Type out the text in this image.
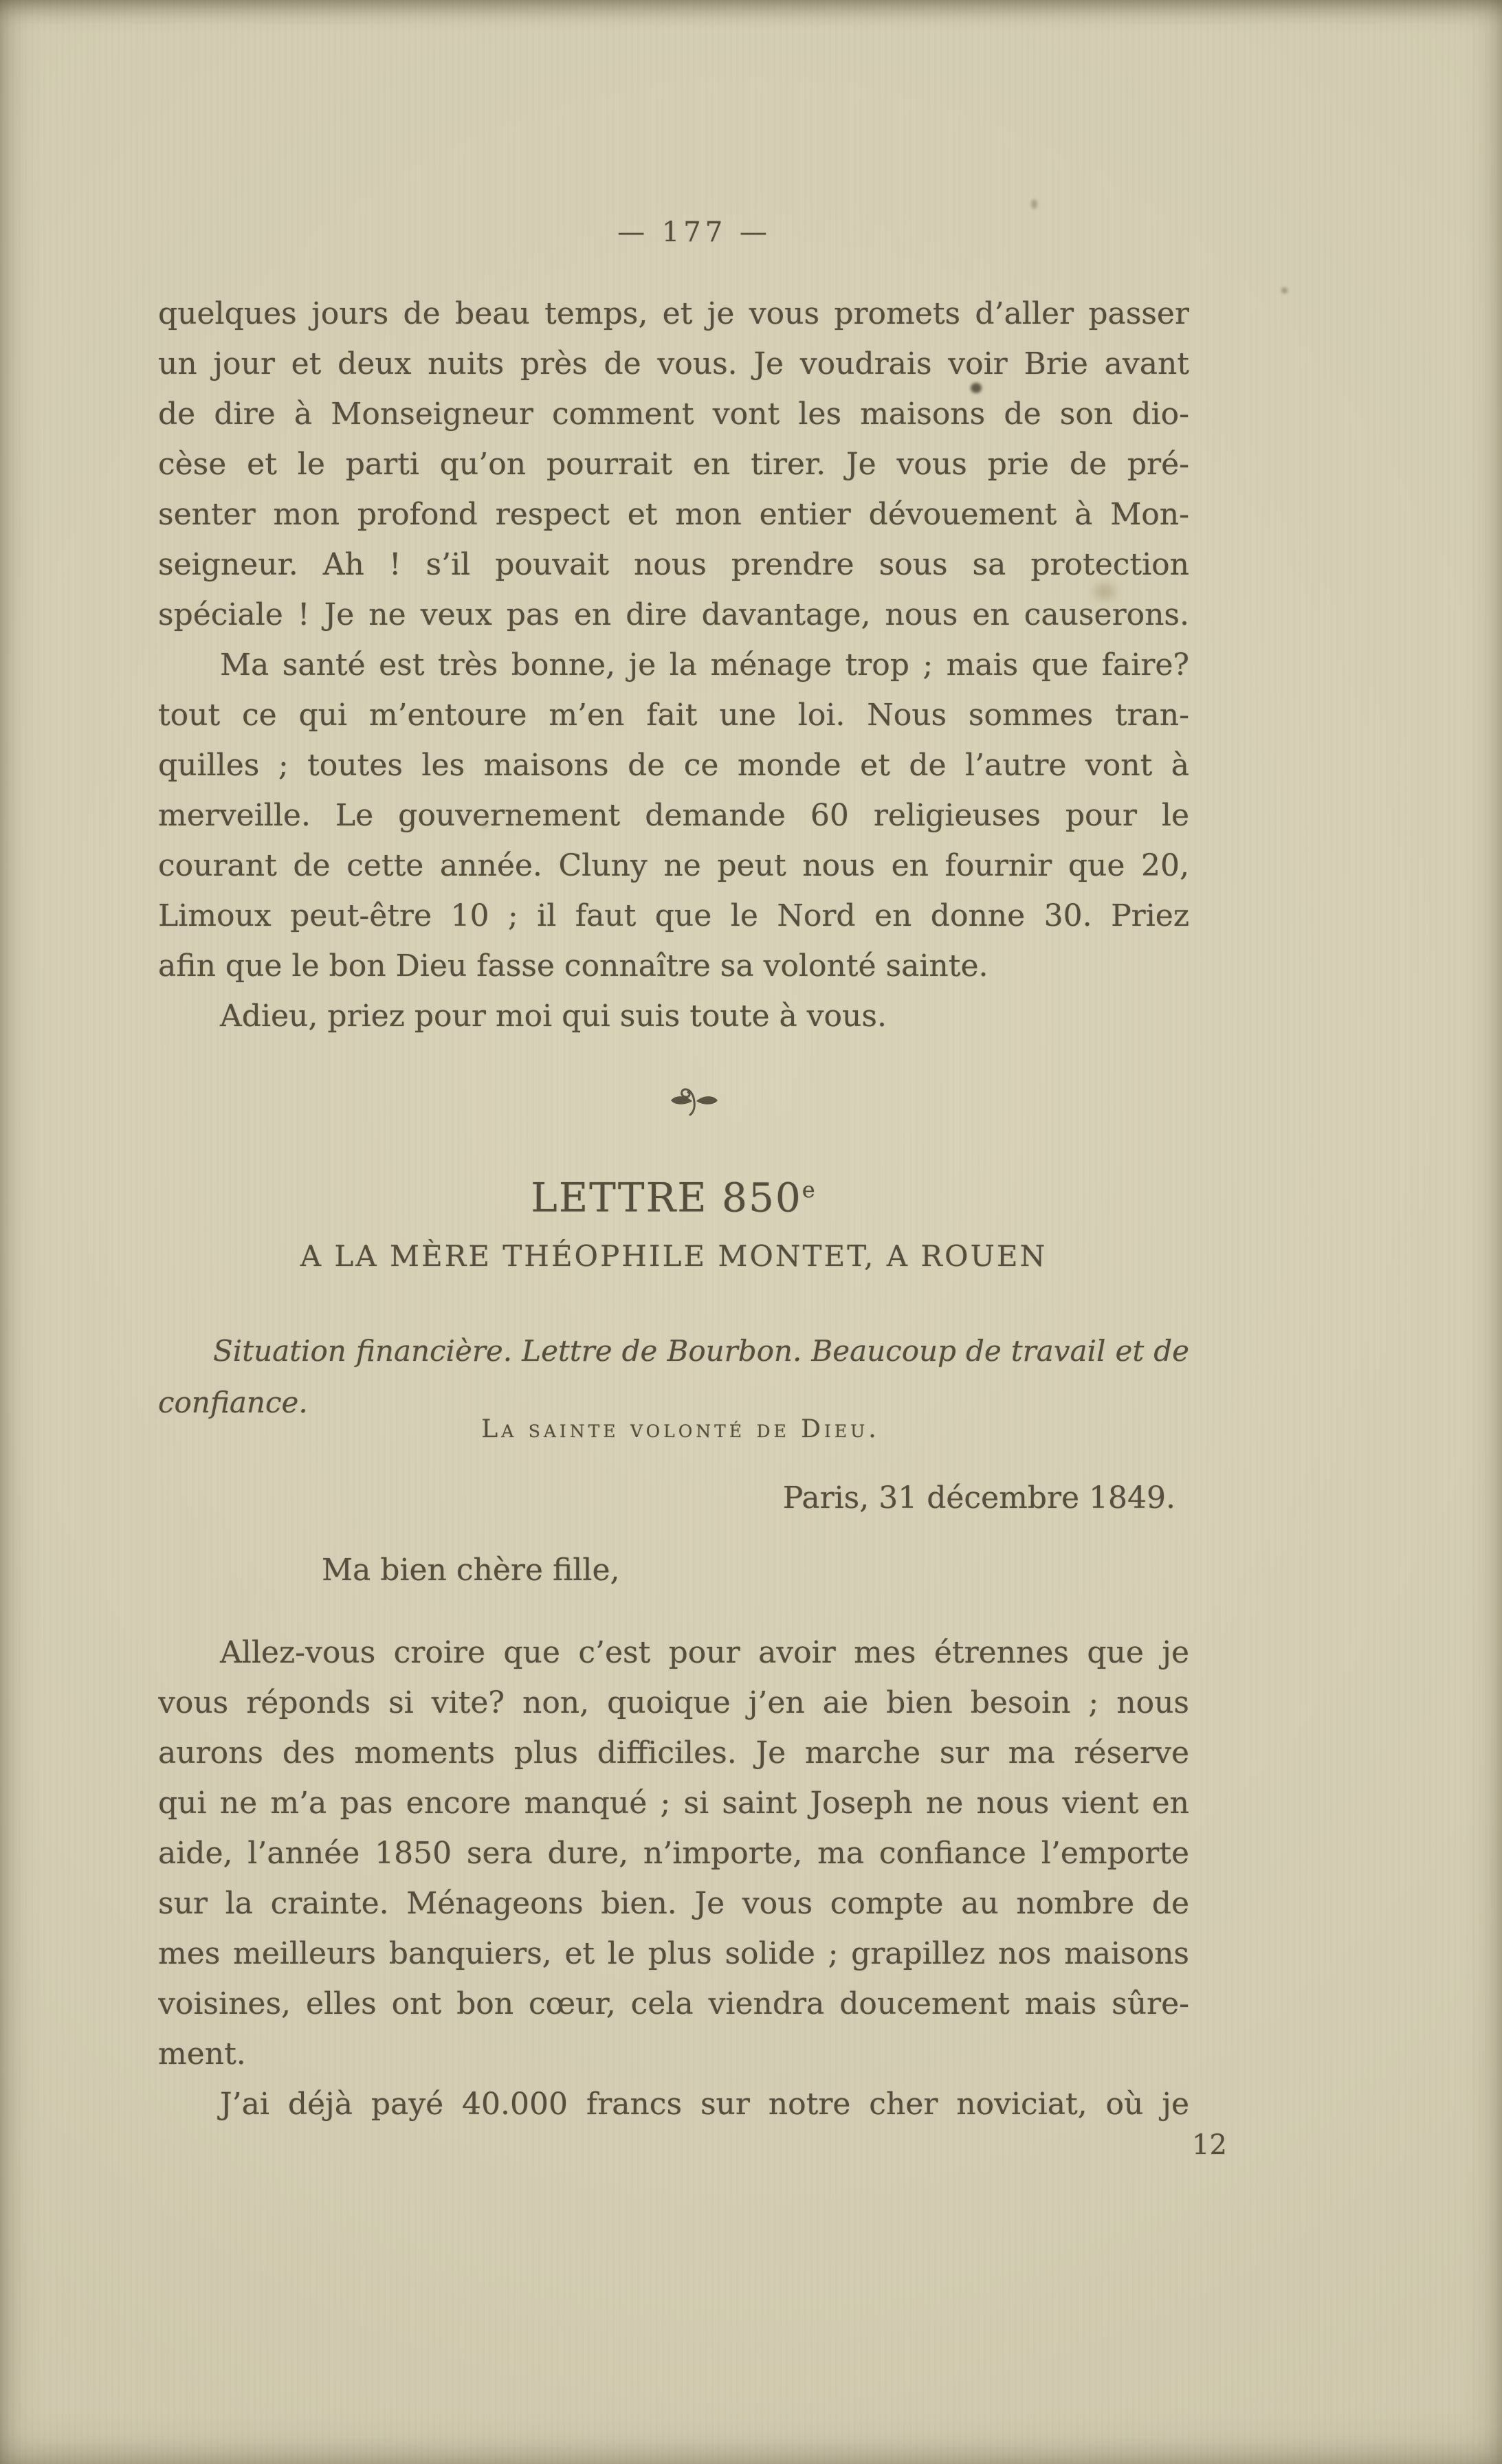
— 177 —
quelques jours de beau temps, et je vous promets d’aller passer
un jour et deux nuits près de vous. Je voudrais voir Brie avant
de dire à Monseigneur comment vont les maisons de son dio-
cèse et le parti qu’on pourrait en tirer. Je vous prie de pré-
senter mon profond respect et mon entier dévouement à Mon-
seigneur. Ah ! s’il pouvait nous prendre sous sa protection
spéciale ! Je ne veux pas en dire davantage, nous en causerons.
Ma santé est très bonne, je la ménage trop ; mais que faire?
tout ce qui m’entoure m’en fait une loi. Nous sommes tran-
quilles ; toutes les maisons de ce monde et de l’autre vont à
merveille. Le gouvernement demande 60 religieuses pour le
courant de cette année. Cluny ne peut nous en fournir que 20,
Limoux peut-être 10 ; il faut que le Nord en donne 30. Priez
afin que le bon Dieu fasse connaître sa volonté sainte.
Adieu, priez pour moi qui suis toute à vous.
LETTRE 850e
A LA MÈRE THÉOPHILE MONTET, A ROUEN
Situation financière. Lettre de Bourbon. Beaucoup de travail et de
confiance.
La sainte volonté de Dieu.
Paris, 31 décembre 1849.
Ma bien chère fille,
Allez-vous croire que c’est pour avoir mes étrennes que je
vous réponds si vite? non, quoique j’en aie bien besoin ; nous
aurons des moments plus difficiles. Je marche sur ma réserve
qui ne m’a pas encore manqué ; si saint Joseph ne nous vient en
aide, l’année 1850 sera dure, n’importe, ma confiance l’emporte
sur la crainte. Ménageons bien. Je vous compte au nombre de
mes meilleurs banquiers, et le plus solide ; grapillez nos maisons
voisines, elles ont bon cœur, cela viendra doucement mais sûre-
ment.
J’ai déjà payé 40.000 francs sur notre cher noviciat, où je
12
